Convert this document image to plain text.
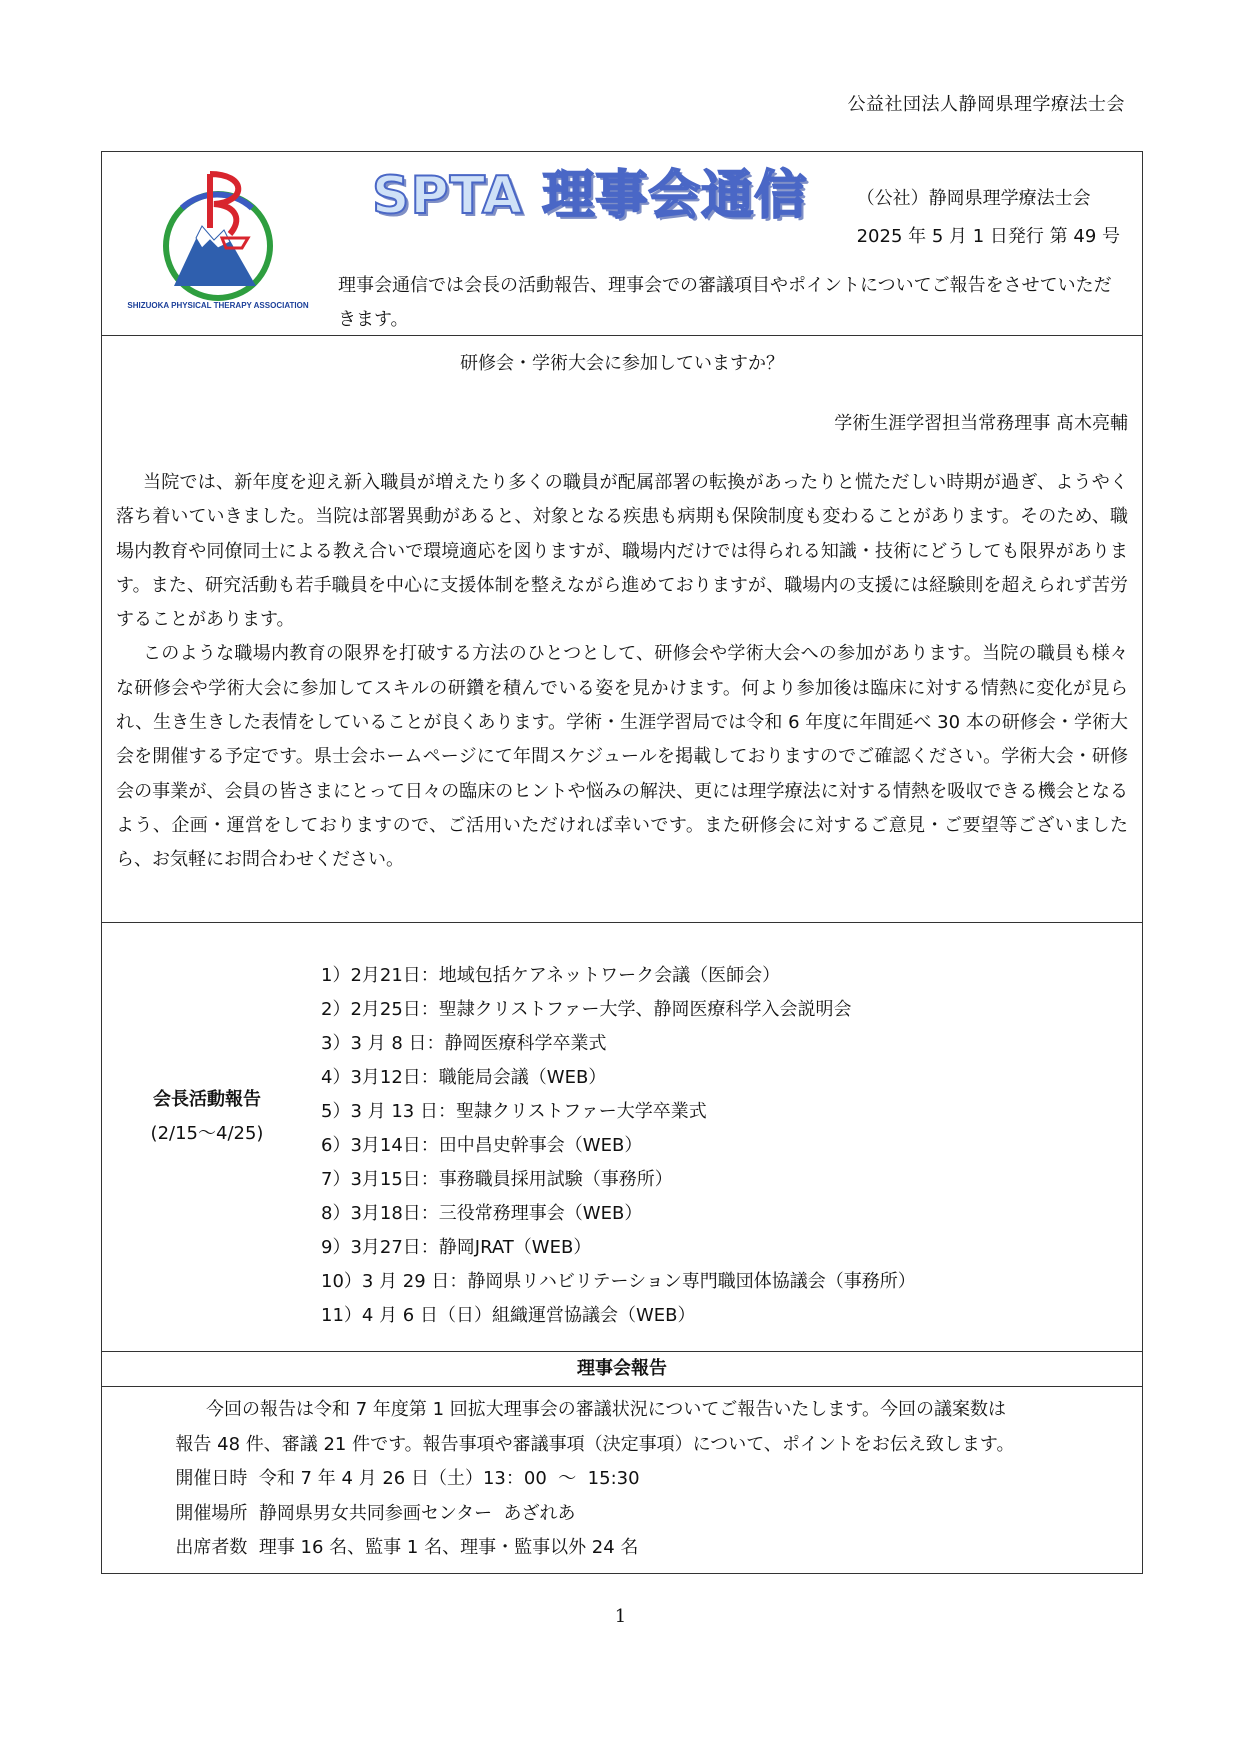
公益社団法人静岡県理学療法士会
SHIZUOKA PHYSICAL THERAPY ASSOCIATION
SPTA 理事会通信	（公社）静岡県理学療法士会
2025 年 5 月 1 日発行 第 49 号
理事会通信では会長の活動報告、理事会での審議項目やポイントについてご報告をさせていただきます。
研修会・学術大会に参加していますか？
学術生涯学習担当常務理事 髙木亮輔

当院では、新年度を迎え新入職員が増えたり多くの職員が配属部署の転換があったりと慌ただしい時期が過ぎ、ようやく落ち着いていきました。当院は部署異動があると、対象となる疾患も病期も保険制度も変わることがあります。そのため、職場内教育や同僚同士による教え合いで環境適応を図りますが、職場内だけでは得られる知識・技術にどうしても限界があります。また、研究活動も若手職員を中心に支援体制を整えながら進めておりますが、職場内の支援には経験則を超えられず苦労することがあります。

このような職場内教育の限界を打破する方法のひとつとして、研修会や学術大会への参加があります。当院の職員も様々な研修会や学術大会に参加してスキルの研鑽を積んでいる姿を見かけます。何より参加後は臨床に対する情熱に変化が見られ、生き生きした表情をしていることが良くあります。学術・生涯学習局では令和 6 年度に年間延べ 30 本の研修会・学術大会を開催する予定です。県士会ホームページにて年間スケジュールを掲載しておりますのでご確認ください。学術大会・研修会の事業が、会員の皆さまにとって日々の臨床のヒントや悩みの解決、更には理学療法に対する情熱を吸収できる機会となるよう、企画・運営をしておりますので、ご活用いただければ幸いです。また研修会に対するご意見・ご要望等ございましたら、お気軽にお問合わせください。

会長活動報告
(2/15～4/25)
1）2月21日：地域包括ケアネットワーク会議（医師会）
2）2月25日：聖隷クリストファー大学、静岡医療科学入会説明会
3）3 月 8 日：静岡医療科学卒業式
4）3月12日：職能局会議（WEB）
5）3 月 13 日：聖隷クリストファー大学卒業式
6）3月14日：田中昌史幹事会（WEB）
7）3月15日：事務職員採用試験（事務所）
8）3月18日：三役常務理事会（WEB）
9）3月27日：静岡JRAT（WEB）
10）3 月 29 日：静岡県リハビリテーション専門職団体協議会（事務所）
11）4 月 6 日（日）組織運営協議会（WEB）
理事会報告

今回の報告は令和 7 年度第 1 回拡大理事会の審議状況についてご報告いたします。今回の議案数は

報告 48 件、審議 21 件です。報告事項や審議事項（決定事項）について、ポイントをお伝え致します。

開催日時  令和 7 年 4 月 26 日（土）13：00  ～  15:30

開催場所  静岡県男女共同参画センター  あざれあ

出席者数  理事 16 名、監事 1 名、理事・監事以外 24 名

1
